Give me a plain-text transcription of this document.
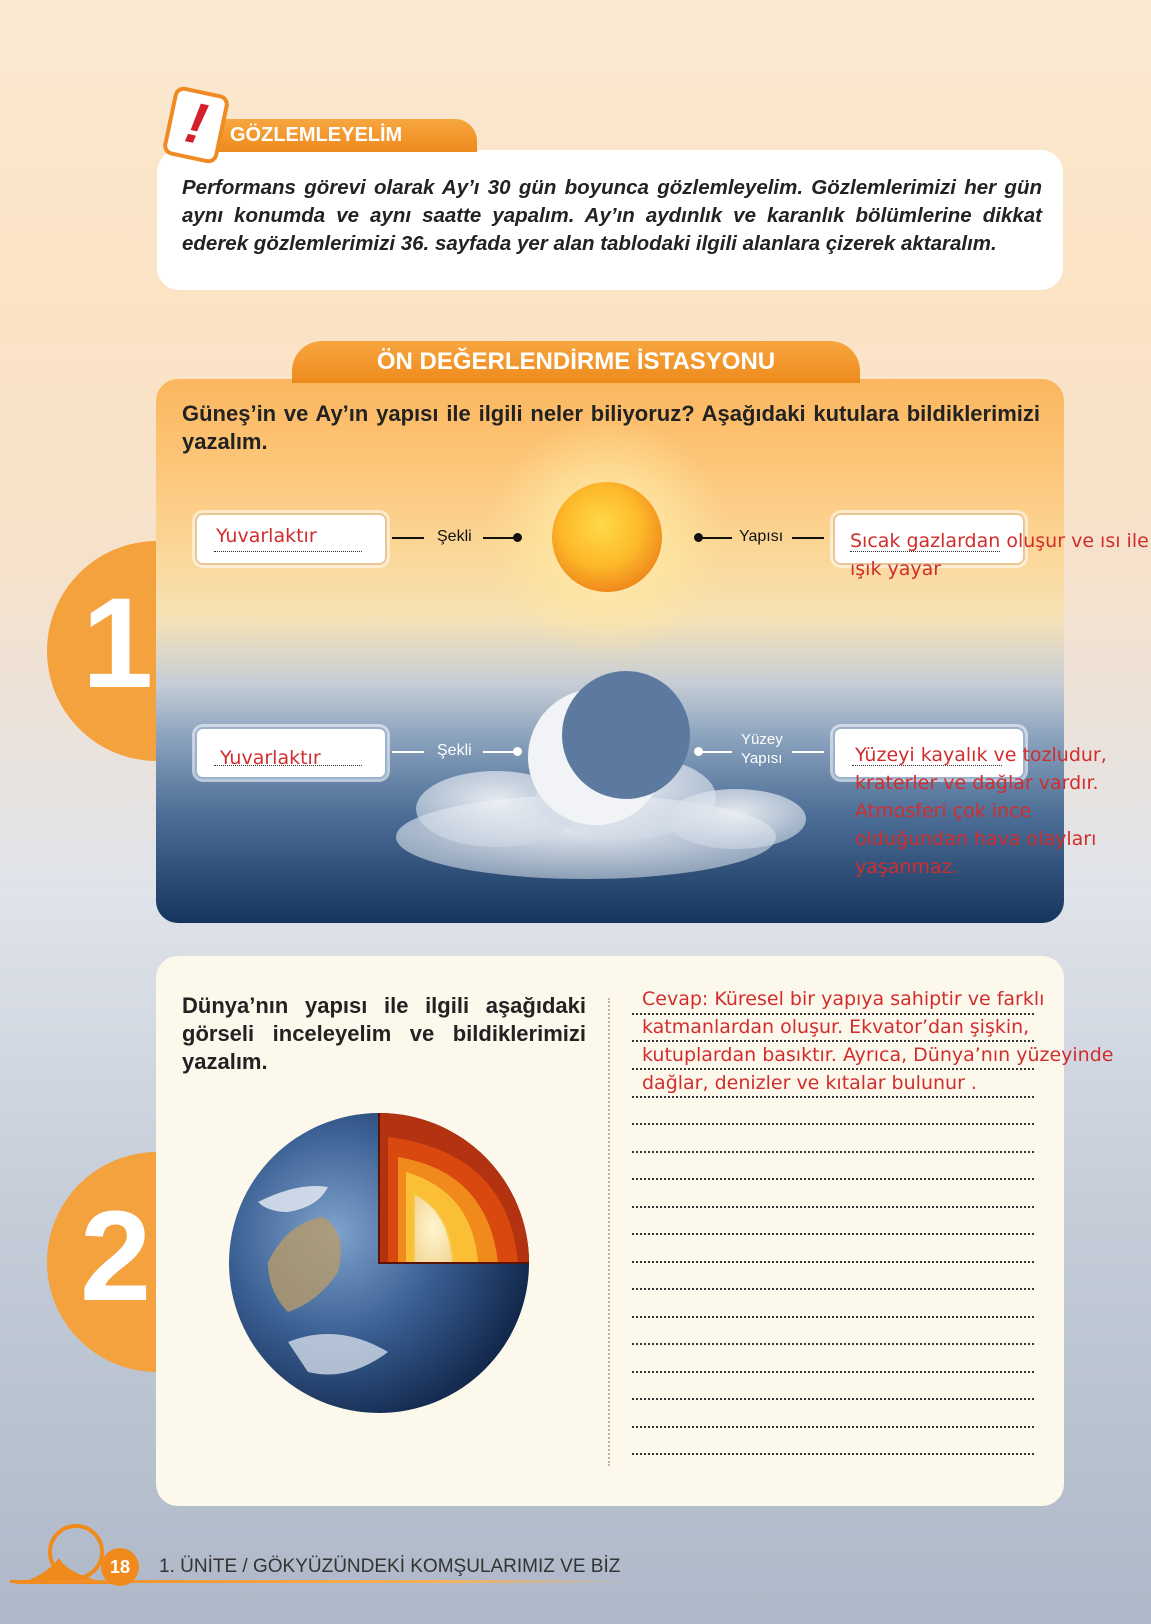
GÖZLEMLEYELİM
!
Performans görevi olarak Ay’ı 30 gün boyunca gözlemleyelim. Gözlemlerimizi her gün aynı konumda ve aynı saatte yapalım. Ay’ın aydınlık ve karanlık bölümlerine dikkat ederek gözlemlerimizi 36. sayfada yer alan tablodaki ilgili alanlara çizerek aktaralım.
1
ÖN DEĞERLENDİRME İSTASYONU
Güneş’in ve Ay’ın yapısı ile ilgili neler biliyoruz? Aşağıdaki kutulara bildiklerimizi yazalım.
Yuvarlaktır	Şekli	Yapısı	Sıcak gazlardan oluşur ve ısı ile
ışık yayar
Yuvarlaktır	Şekli
Yüzey
Yapısı	Yüzeyi kayalık ve tozludur,
kraterler ve dağlar vardır.
Atmosferi çok ince
olduğundan hava olayları
yaşanmaz.
2
Dünya’nın yapısı ile ilgili aşağıdaki görseli inceleyelim ve bildiklerimizi yazalım.
Cevap: Küresel bir yapıya sahiptir ve farklı
katmanlardan oluşur. Ekvator’dan şişkin,
kutuplardan basıktır. Ayrıca, Dünya’nın yüzeyinde
dağlar, denizler ve kıtalar bulunur .
18	1. ÜNİTE / GÖKYÜZÜNDEKİ KOMŞULARIMIZ VE BİZ
